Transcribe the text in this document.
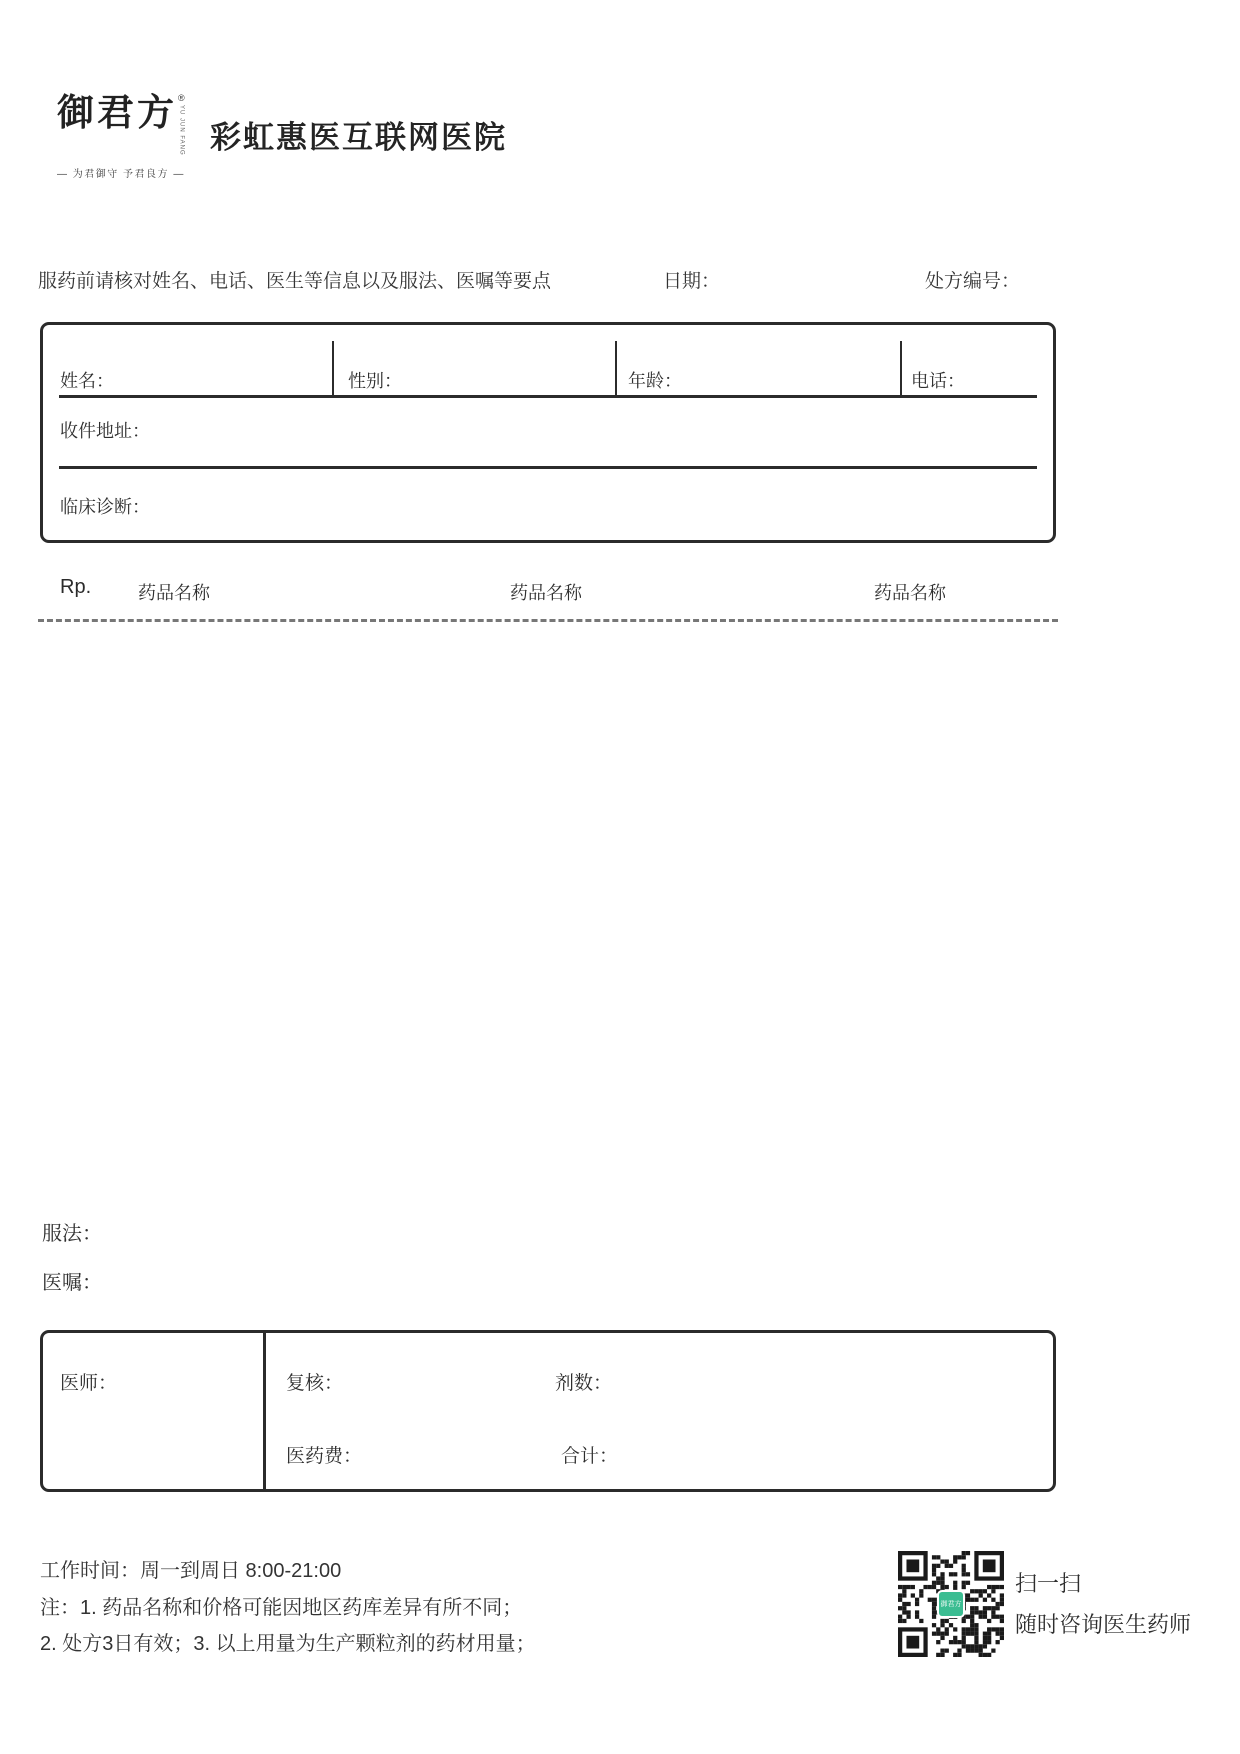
御君方 ®
YU JUN FANG
— 为君御守 予君良方 —
彩虹惠医互联网医院
服药前请核对姓名、电话、医生等信息以及服法、医嘱等要点	日期：	处方编号：
姓名：	性别：	年龄：	电话：
收件地址：
临床诊断：
Rp.	药品名称	药品名称	药品名称
服法：
医嘱：
医师：	复核：	剂数：
医药费：	合计：
工作时间：周一到周日 8:00-21:00
注：1. 药品名称和价格可能因地区药库差异有所不同；
2. 处方3日有效；3. 以上用量为生产颗粒剂的药材用量；
御君方
扫一扫
随时咨询医生药师
